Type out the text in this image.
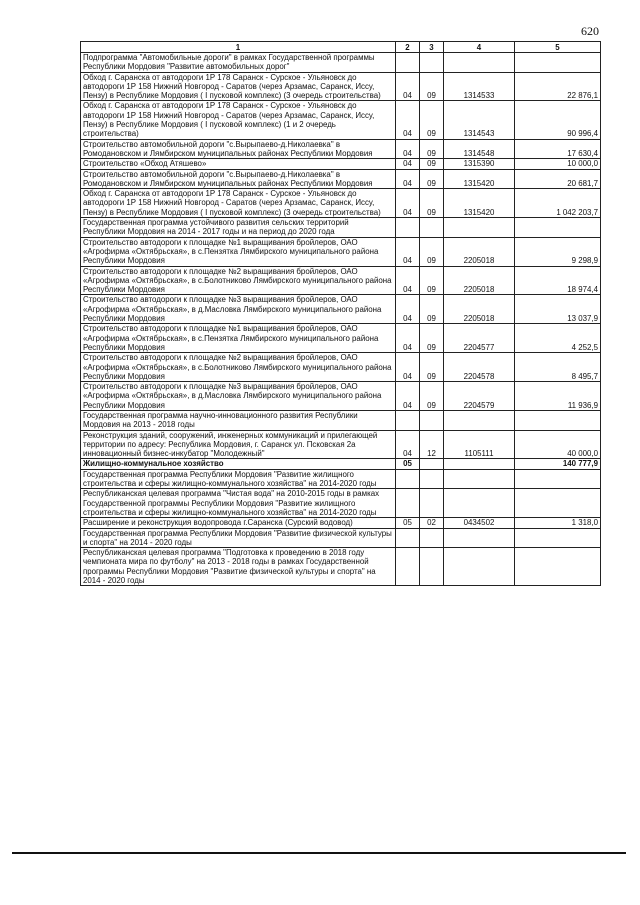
620
1	2	3	4	5
Подпрограмма "Автомобильные дороги" в рамках Государственной программы Республики Мордовия "Развитие автомобильных дорог"				
Обход г. Саранска от автодороги 1Р 178 Саранск - Сурское - Ульяновск до автодороги 1Р 158 Нижний Новгород - Саратов (через Арзамас, Саранск, Иссу, Пензу) в Республике Мордовия ( I пусковой комплекс) (3 очередь строительства)	04	09	1314533	22 876,1
Обход г. Саранска от автодороги 1Р 178 Саранск - Сурское - Ульяновск до автодороги 1Р 158 Нижний Новгород - Саратов (через Арзамас, Саранск, Иссу, Пензу) в Республике Мордовия ( I пусковой комплекс) (1 и 2 очередь строительства)	04	09	1314543	90 996,4
Строительство автомобильной дороги "с.Вырыпаево-д.Николаевка" в Ромодановском и Лямбирском муниципальных районах Республики Мордовия	04	09	1314548	17 630,4
Строительство «Обход Атяшево»	04	09	1315390	10 000,0
Строительство автомобильной дороги "с.Вырыпаево-д.Николаевка" в Ромодановском и Лямбирском муниципальных районах Республики Мордовия	04	09	1315420	20 681,7
Обход г. Саранска от автодороги 1Р 178 Саранск - Сурское - Ульяновск до автодороги 1Р 158 Нижний Новгород - Саратов (через Арзамас, Саранск, Иссу, Пензу) в Республике Мордовия ( I пусковой комплекс) (3 очередь строительства)	04	09	1315420	1 042 203,7
Государственная программа устойчивого развития сельских территорий Республики Мордовия на 2014 - 2017 годы и на период до 2020 года				
Строительство автодороги к площадке №1 выращивания бройлеров, ОАО «Агрофирма «Октябрьская», в с.Пензятка Лямбирского муниципального района Республики Мордовия	04	09	2205018	9 298,9
Строительство автодороги к площадке №2 выращивания бройлеров, ОАО «Агрофирма «Октябрьская», в с.Болотниково Лямбирского муниципального района Республики Мордовия	04	09	2205018	18 974,4
Строительство автодороги к площадке №3 выращивания бройлеров, ОАО «Агрофирма «Октябрьская», в д.Масловка Лямбирского муниципального района Республики Мордовия	04	09	2205018	13 037,9
Строительство автодороги к площадке №1 выращивания бройлеров, ОАО «Агрофирма «Октябрьская», в с.Пензятка Лямбирского муниципального района Республики Мордовия	04	09	2204577	4 252,5
Строительство автодороги к площадке №2 выращивания бройлеров, ОАО «Агрофирма «Октябрьская», в с.Болотниково Лямбирского муниципального района Республики Мордовия	04	09	2204578	8 495,7
Строительство автодороги к площадке №3 выращивания бройлеров, ОАО «Агрофирма «Октябрьская», в д.Масловка Лямбирского муниципального района Республики Мордовия	04	09	2204579	11 936,9
Государственная программа научно-инновационного развития Республики Мордовия на 2013 - 2018 годы				
Реконструкция зданий, сооружений, инженерных коммуникаций и прилегающей территории по адресу: Республика Мордовия, г. Саранск ул. Псковская 2а инновационный бизнес-инкубатор "Молодежный"	04	12	1105111	40 000,0
Жилищно-коммунальное хозяйство	05			140 777,9
Государственная программа Республики Мордовия "Развитие жилищного строительства и сферы жилищно-коммунального хозяйства" на 2014-2020 годы				
Республиканская целевая программа "Чистая вода" на 2010-2015 годы в рамках Государственной программы Республики Мордовия "Развитие жилищного строительства и сферы жилищно-коммунального хозяйства" на 2014-2020 годы				
Расширение и реконструкция водопровода г.Саранска (Сурский водовод)	05	02	0434502	1 318,0
Государственная программа Республики Мордовия "Развитие физической культуры и спорта" на 2014 - 2020 годы				
Республиканская целевая программа "Подготовка к проведению в 2018 году чемпионата мира по футболу" на 2013 - 2018 годы в рамках Государственной программы Республики Мордовия "Развитие физической культуры и спорта" на 2014 - 2020 годы				
